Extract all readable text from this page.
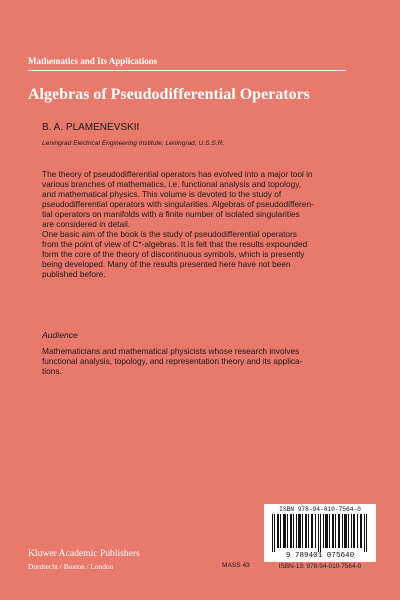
Mathematics and Its Applications
Algebras of Pseudodifferential Operators
B. A. PLAMENEVSKII
Leningrad Electrical Engineering Institute, Leningrad, U.S.S.R.

The theory of pseudodifferential operators has evolved into a major tool in
various branches of mathematics, i.e. functional analysis and topology,
and mathematical physics. This volume is devoted to the study of
pseudodifferential operators with singularities. Algebras of pseudodifferen-
tial operators on manifolds with a finite number of isolated singularities
are considered in detail.

One basic aim of the book is the study of pseudodifferential operators
from the point of view of C*-algebras. It is felt that the results expounded
form the core of the theory of discontinuous symbols, which is presently
being developed. Many of the results presented here have not been
published before.

Audience
Mathematicians and mathematical physicists whose research involves
functional analysis, topology, and representation theory and its applica-
tions.
Kluwer Academic Publishers
Dordrecht / Boston / London	MASS 43
ISBN 978-94-010-7564-0
9 789401 075640
ISBN-13: 978-94-010-7564-0
